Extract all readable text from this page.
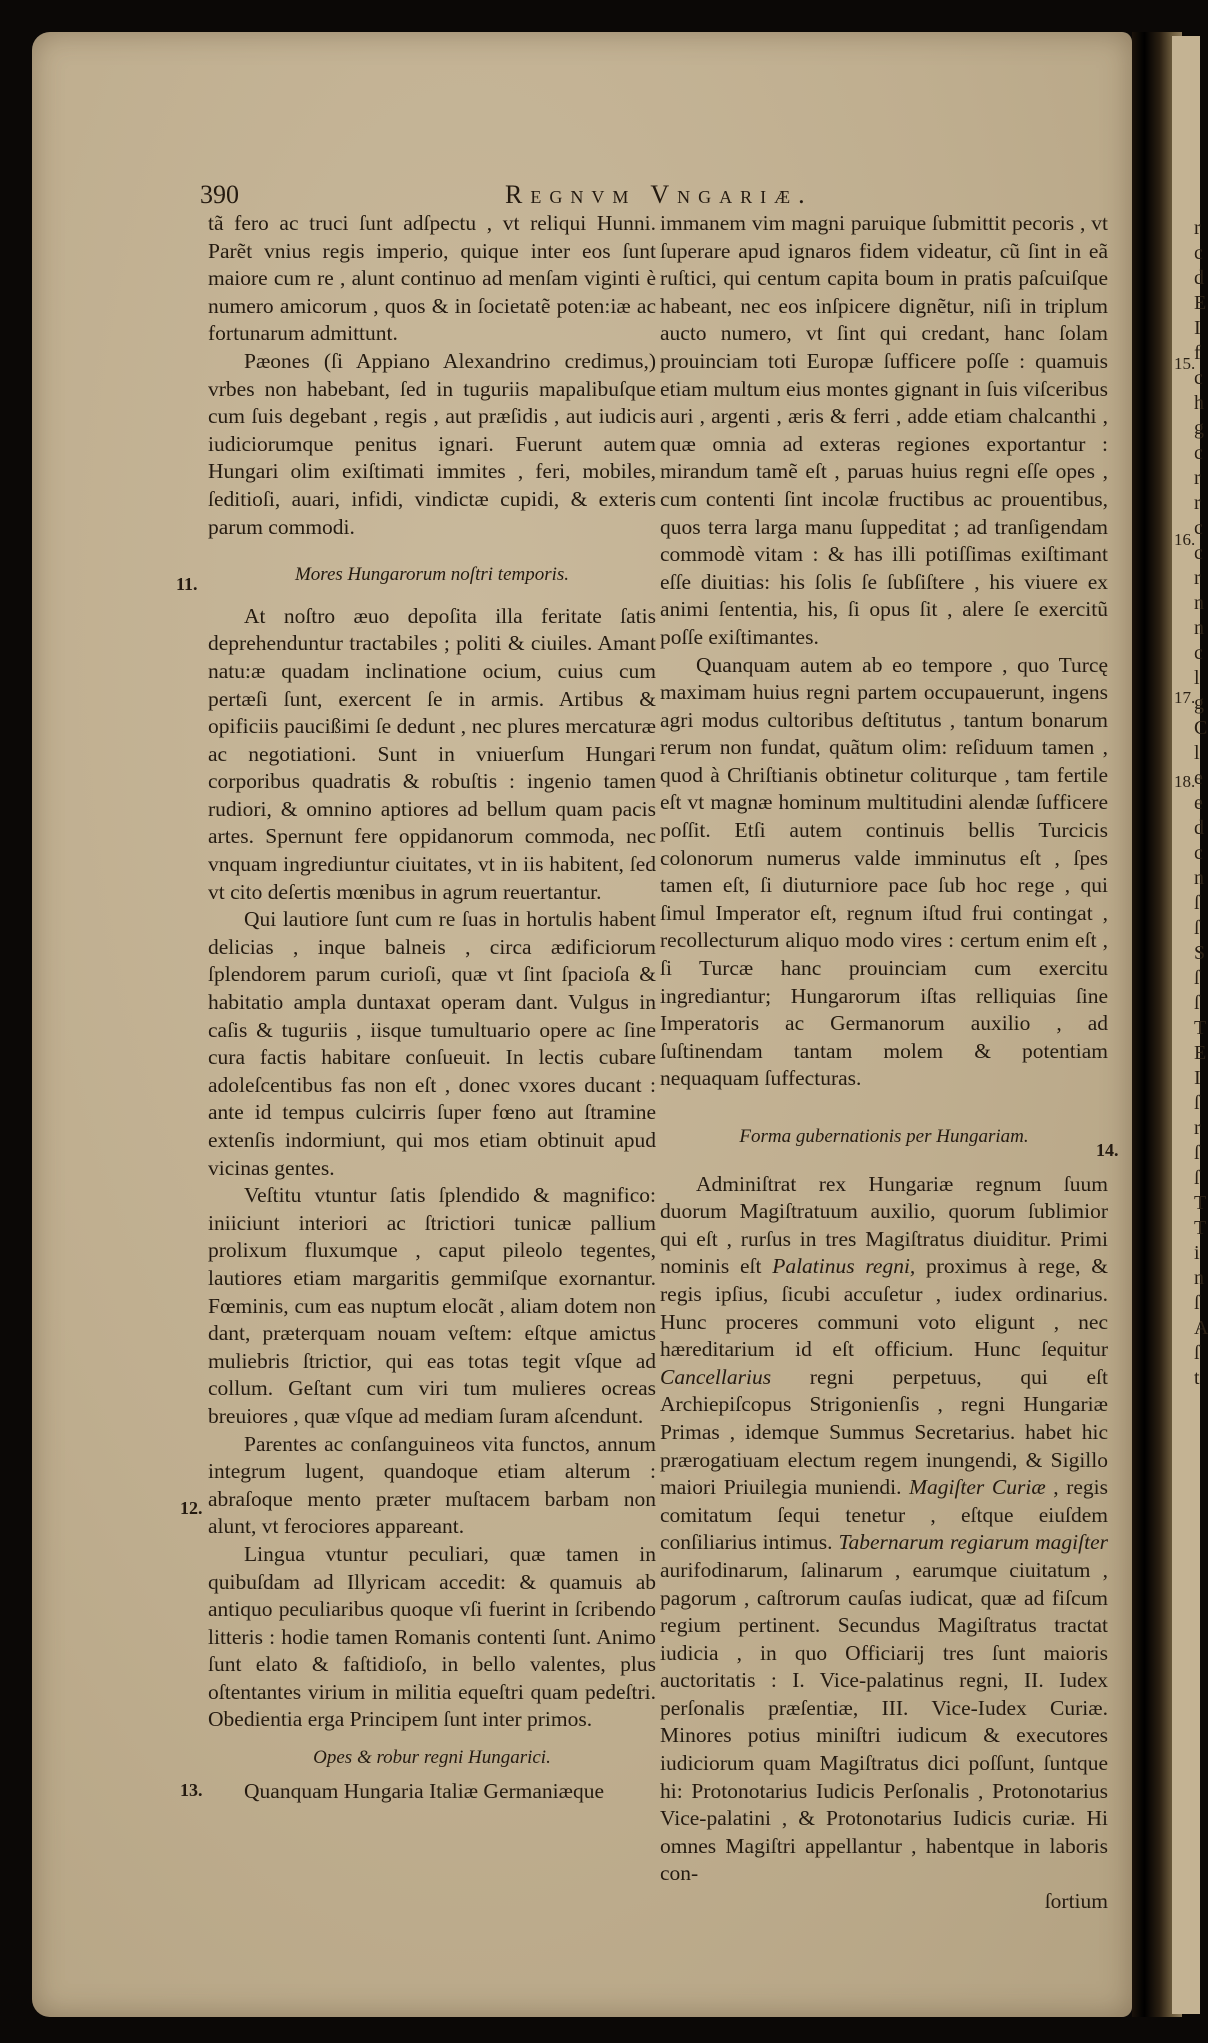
15.
16.
17.
18.
r c d E I f c h g c r r c c r n n c l g C l e e d c n ſ ſ S ſ ſ T E I ſ r ſ ſ T T i n ſ A ſ t
390	Regnvm Vngariæ.
11.
12.
13.
14.

tã fero ac truci ſunt adſpectu , vt reliqui Hunni. Parẽt vnius regis imperio, quique inter eos ſunt maiore cum re , alunt continuo ad menſam viginti è numero amicorum , quos & in ſocietatẽ poten:iæ ac fortunarum admittunt.

Pæones (ſi Appiano Alexandrino credimus,) vrbes non habebant, ſed in tuguriis mapalibuſque cum ſuis degebant , regis , aut præſidis , aut iudicis iudiciorumque penitus ignari. Fuerunt autem Hungari olim exiſtimati immites , feri, mobiles, ſeditioſi, auari, infidi, vindictæ cupidi, & exteris parum commodi.

Mores Hungarorum noſtri temporis.

At noſtro æuo depoſita illa feritate ſatis deprehenduntur tractabiles ; politi & ciuiles. Amant natu:æ quadam inclinatione ocium, cuius cum pertæſi ſunt, exercent ſe in armis. Artibus & opificiis paucißimi ſe dedunt , nec plures mercaturæ ac negotiationi. Sunt in vniuerſum Hungari corporibus quadratis & robuſtis : ingenio tamen rudiori, & omnino aptiores ad bellum quam pacis artes. Spernunt fere oppidanorum commoda, nec vnquam ingrediuntur ciuitates, vt in iis habitent, ſed vt cito deſertis mœnibus in agrum reuertantur.

Qui lautiore ſunt cum re ſuas in hortulis habent delicias , inque balneis , circa ædificiorum ſplendorem parum curioſi, quæ vt ſint ſpacioſa & habitatio ampla duntaxat operam dant. Vulgus in caſis & tuguriis , iisque tumultuario opere ac ſine cura factis habitare conſueuit. In lectis cubare adoleſcentibus fas non eſt , donec vxores ducant : ante id tempus culcirris ſuper fœno aut ſtramine extenſis indormiunt, qui mos etiam obtinuit apud vicinas gentes.

Veſtitu vtuntur ſatis ſplendido & magnifico: iniiciunt interiori ac ſtrictiori tunicæ pallium prolixum fluxumque , caput pileolo tegentes, lautiores etiam margaritis gemmiſque exornantur. Fœminis, cum eas nuptum elocãt , aliam dotem non dant, præterquam nouam veſtem: eſtque amictus muliebris ſtrictior, qui eas totas tegit vſque ad collum. Geſtant cum viri tum mulieres ocreas breuiores , quæ vſque ad mediam ſuram aſcendunt.

Parentes ac conſanguineos vita functos, annum integrum lugent, quandoque etiam alterum : abraſoque mento præter muſtacem barbam non alunt, vt ferociores appareant.

Lingua vtuntur peculiari, quæ tamen in quibuſdam ad Illyricam accedit: & quamuis ab antiquo peculiaribus quoque vſi fuerint in ſcribendo litteris : hodie tamen Romanis contenti ſunt. Animo ſunt elato & faſtidioſo, in bello valentes, plus oſtentantes virium in militia equeſtri quam pedeſtri. Obedientia erga Principem ſunt inter primos.

Opes & robur regni Hungarici.

Quanquam Hungaria Italiæ Germaniæque

immanem vim magni paruique ſubmittit pecoris , vt ſuperare apud ignaros fidem videatur, cũ ſint in eã ruſtici, qui centum capita boum in pratis paſcuiſque habeant, nec eos inſpicere dignẽtur, niſi in triplum aucto numero, vt ſint qui credant, hanc ſolam prouinciam toti Europæ ſufficere poſſe : quamuis etiam multum eius montes gignant in ſuis viſceribus auri , argenti , æris & ferri , adde etiam chalcanthi , quæ omnia ad exteras regiones exportantur : mirandum tamẽ eſt , paruas huius regni eſſe opes , cum contenti ſint incolæ fructibus ac prouentibus, quos terra larga manu ſuppeditat ; ad tranſigendam commodè vitam : & has illi potiſſimas exiſtimant eſſe diuitias: his ſolis ſe ſubſiſtere , his viuere ex animi ſententia, his, ſi opus ſit , alere ſe exercitũ poſſe exiſtimantes.

Quanquam autem ab eo tempore , quo Turcę maximam huius regni partem occupauerunt, ingens agri modus cultoribus deſtitutus , tantum bonarum rerum non fundat, quãtum olim: reſiduum tamen , quod à Chriſtianis obtinetur coliturque , tam fertile eſt vt magnæ hominum multitudini alendæ ſufficere poſſit. Etſi autem continuis bellis Turcicis colonorum numerus valde imminutus eſt , ſpes tamen eſt, ſi diuturniore pace ſub hoc rege , qui ſimul Imperator eſt, regnum iſtud frui contingat , recollecturum aliquo modo vires : certum enim eſt , ſi Turcæ hanc prouinciam cum exercitu ingrediantur; Hungarorum iſtas relliquias ſine Imperatoris ac Germanorum auxilio , ad ſuſtinendam tantam molem & potentiam nequaquam ſuffecturas.

Forma gubernationis per Hungariam.

Adminiſtrat rex Hungariæ regnum ſuum duorum Magiſtratuum auxilio, quorum ſublimior qui eſt , rurſus in tres Magiſtratus diuiditur. Primi nominis eſt Palatinus regni, proximus à rege, & regis ipſius, ſicubi accuſetur , iudex ordinarius. Hunc proceres communi voto eligunt , nec hæreditarium id eſt officium. Hunc ſequitur Cancellarius regni perpetuus, qui eſt Archiepiſcopus Strigonienſis , regni Hungariæ Primas , idemque Summus Secretarius. habet hic prærogatiuam electum regem inungendi, & Sigillo maiori Priuilegia muniendi. Magiſter Curiæ , regis comitatum ſequi tenetur , eſtque eiuſdem conſiliarius intimus. Tabernarum regiarum magiſter aurifodinarum, ſalinarum , earumque ciuitatum , pagorum , caſtrorum cauſas iudicat, quæ ad fiſcum regium pertinent. Secundus Magiſtratus tractat iudicia , in quo Officiarij tres ſunt maioris auctoritatis : I. Vice-palatinus regni, II. Iudex perſonalis præſentiæ, III. Vice-Iudex Curiæ. Minores potius miniſtri iudicum & executores iudiciorum quam Magiſtratus dici poſſunt, ſuntque hi: Protonotarius Iudicis Perſonalis , Protonotarius Vice-palatini , & Protonotarius Iudicis curiæ. Hi omnes Magiſtri appellantur , habentque in laboris con-

ſortium
